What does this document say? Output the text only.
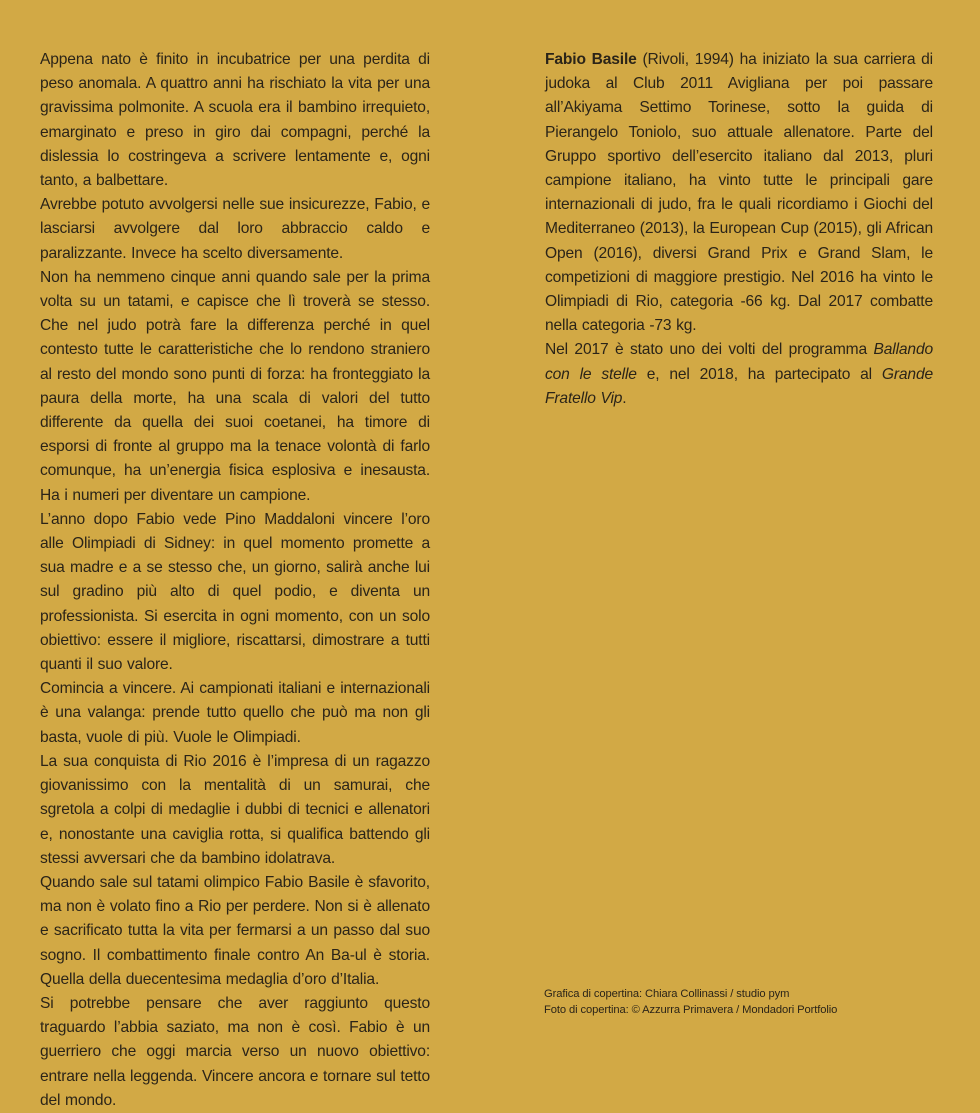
Appena nato è finito in incubatrice per una perdita di peso anomala. A quattro anni ha rischiato la vita per una gravissima polmonite. A scuola era il bambino irrequieto, emarginato e preso in giro dai compagni, perché la dislessia lo costringeva a scrivere lentamente e, ogni tanto, a balbettare.

Avrebbe potuto avvolgersi nelle sue insicurezze, Fabio, e lasciarsi avvolgere dal loro abbraccio caldo e paralizzante. Invece ha scelto diversamente.

Non ha nemmeno cinque anni quando sale per la prima volta su un tatami, e capisce che lì troverà se stesso. Che nel judo potrà fare la differenza perché in quel contesto tutte le caratteristiche che lo rendono straniero al resto del mondo sono punti di forza: ha fronteggiato la paura della morte, ha una scala di valori del tutto differente da quella dei suoi coetanei, ha timore di esporsi di fronte al gruppo ma la tenace volontà di farlo comunque, ha un’energia fisica esplosiva e inesausta. Ha i numeri per diventare un campione.

L’anno dopo Fabio vede Pino Maddaloni vincere l’oro alle Olimpiadi di Sidney: in quel momento promette a sua madre e a se stesso che, un giorno, salirà anche lui sul gradino più alto di quel podio, e diventa un professionista. Si esercita in ogni momento, con un solo obiettivo: essere il migliore, riscattarsi, dimostrare a tutti quanti il suo valore.

Comincia a vincere. Ai campionati italiani e internazionali è una valanga: prende tutto quello che può ma non gli basta, vuole di più. Vuole le Olimpiadi.

La sua conquista di Rio 2016 è l’impresa di un ragazzo giovanissimo con la mentalità di un samurai, che sgretola a colpi di medaglie i dubbi di tecnici e allenatori e, nonostante una caviglia rotta, si qualifica battendo gli stessi avversari che da bambino idolatrava.

Quando sale sul tatami olimpico Fabio Basile è sfavorito, ma non è volato fino a Rio per perdere. Non si è allenato e sacrificato tutta la vita per fermarsi a un passo dal suo sogno. Il combattimento finale contro An Ba-ul è storia. Quella della duecentesima medaglia d’oro d’Italia.

Si potrebbe pensare che aver raggiunto questo traguardo l’abbia saziato, ma non è così. Fabio è un guerriero che oggi marcia verso un nuovo obiettivo: entrare nella leggenda. Vincere ancora e tornare sul tetto del mondo.

Fabio Basile (Rivoli, 1994) ha iniziato la sua carriera di judoka al Club 2011 Avigliana per poi passare all’Akiyama Settimo Torinese, sotto la guida di Pierangelo Toniolo, suo attuale allenatore. Parte del Gruppo sportivo dell’esercito italiano dal 2013, pluri campione italiano, ha vinto tutte le principali gare internazionali di judo, fra le quali ricordiamo i Giochi del Mediterraneo (2013), la European Cup (2015), gli African Open (2016), diversi Grand Prix e Grand Slam, le competizioni di maggiore prestigio. Nel 2016 ha vinto le Olimpiadi di Rio, categoria -66 kg. Dal 2017 combatte nella categoria -73 kg.

Nel 2017 è stato uno dei volti del programma Ballando con le stelle e, nel 2018, ha partecipato al Grande Fratello Vip.

Grafica di copertina: Chiara Collinassi / studio pym

Foto di copertina: © Azzurra Primavera / Mondadori Portfolio
